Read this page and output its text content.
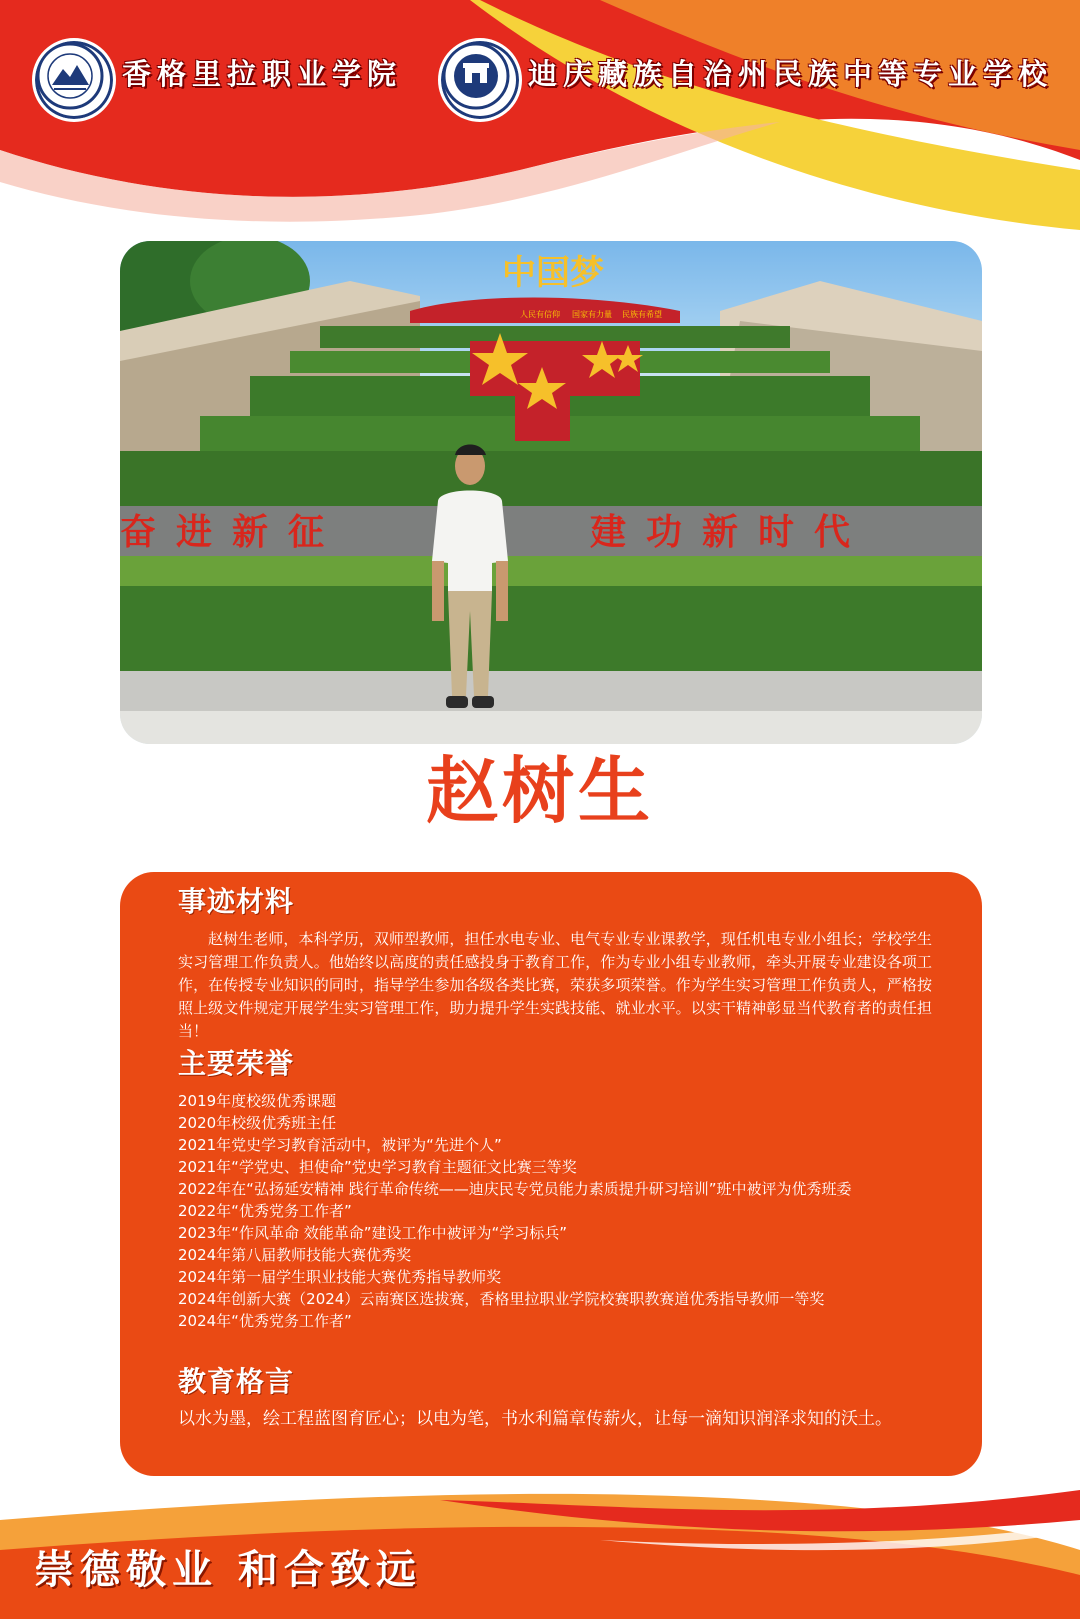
香格里拉职业学院	迪庆藏族自治州民族中等专业学校
中国梦
人民有信仰 国家有力量 民族有希望
奋进新征	建功新时代
赵树生
事迹材料

赵树生老师，本科学历，双师型教师，担任水电专业、电气专业专业课教学，现任机电专业小组长；学校学生实习管理工作负责人。他始终以高度的责任感投身于教育工作，作为专业小组专业教师，牵头开展专业建设各项工作，在传授专业知识的同时，指导学生参加各级各类比赛，荣获多项荣誉。作为学生实习管理工作负责人，严格按照上级文件规定开展学生实习管理工作，助力提升学生实践技能、就业水平。以实干精神彰显当代教育者的责任担当！

主要荣誉
2019年度校级优秀课题
2020年校级优秀班主任
2021年党史学习教育活动中，被评为“先进个人”
2021年“学党史、担使命”党史学习教育主题征文比赛三等奖
2022年在“弘扬延安精神 践行革命传统——迪庆民专党员能力素质提升研习培训”班中被评为优秀班委
2022年“优秀党务工作者”
2023年“作风革命 效能革命”建设工作中被评为“学习标兵”
2024年第八届教师技能大赛优秀奖
2024年第一届学生职业技能大赛优秀指导教师奖
2024年创新大赛（2024）云南赛区选拔赛，香格里拉职业学院校赛职教赛道优秀指导教师一等奖
2024年“优秀党务工作者”
教育格言

以水为墨，绘工程蓝图育匠心；以电为笔，书水利篇章传薪火，让每一滴知识润泽求知的沃土。

崇德敬业 和合致远
